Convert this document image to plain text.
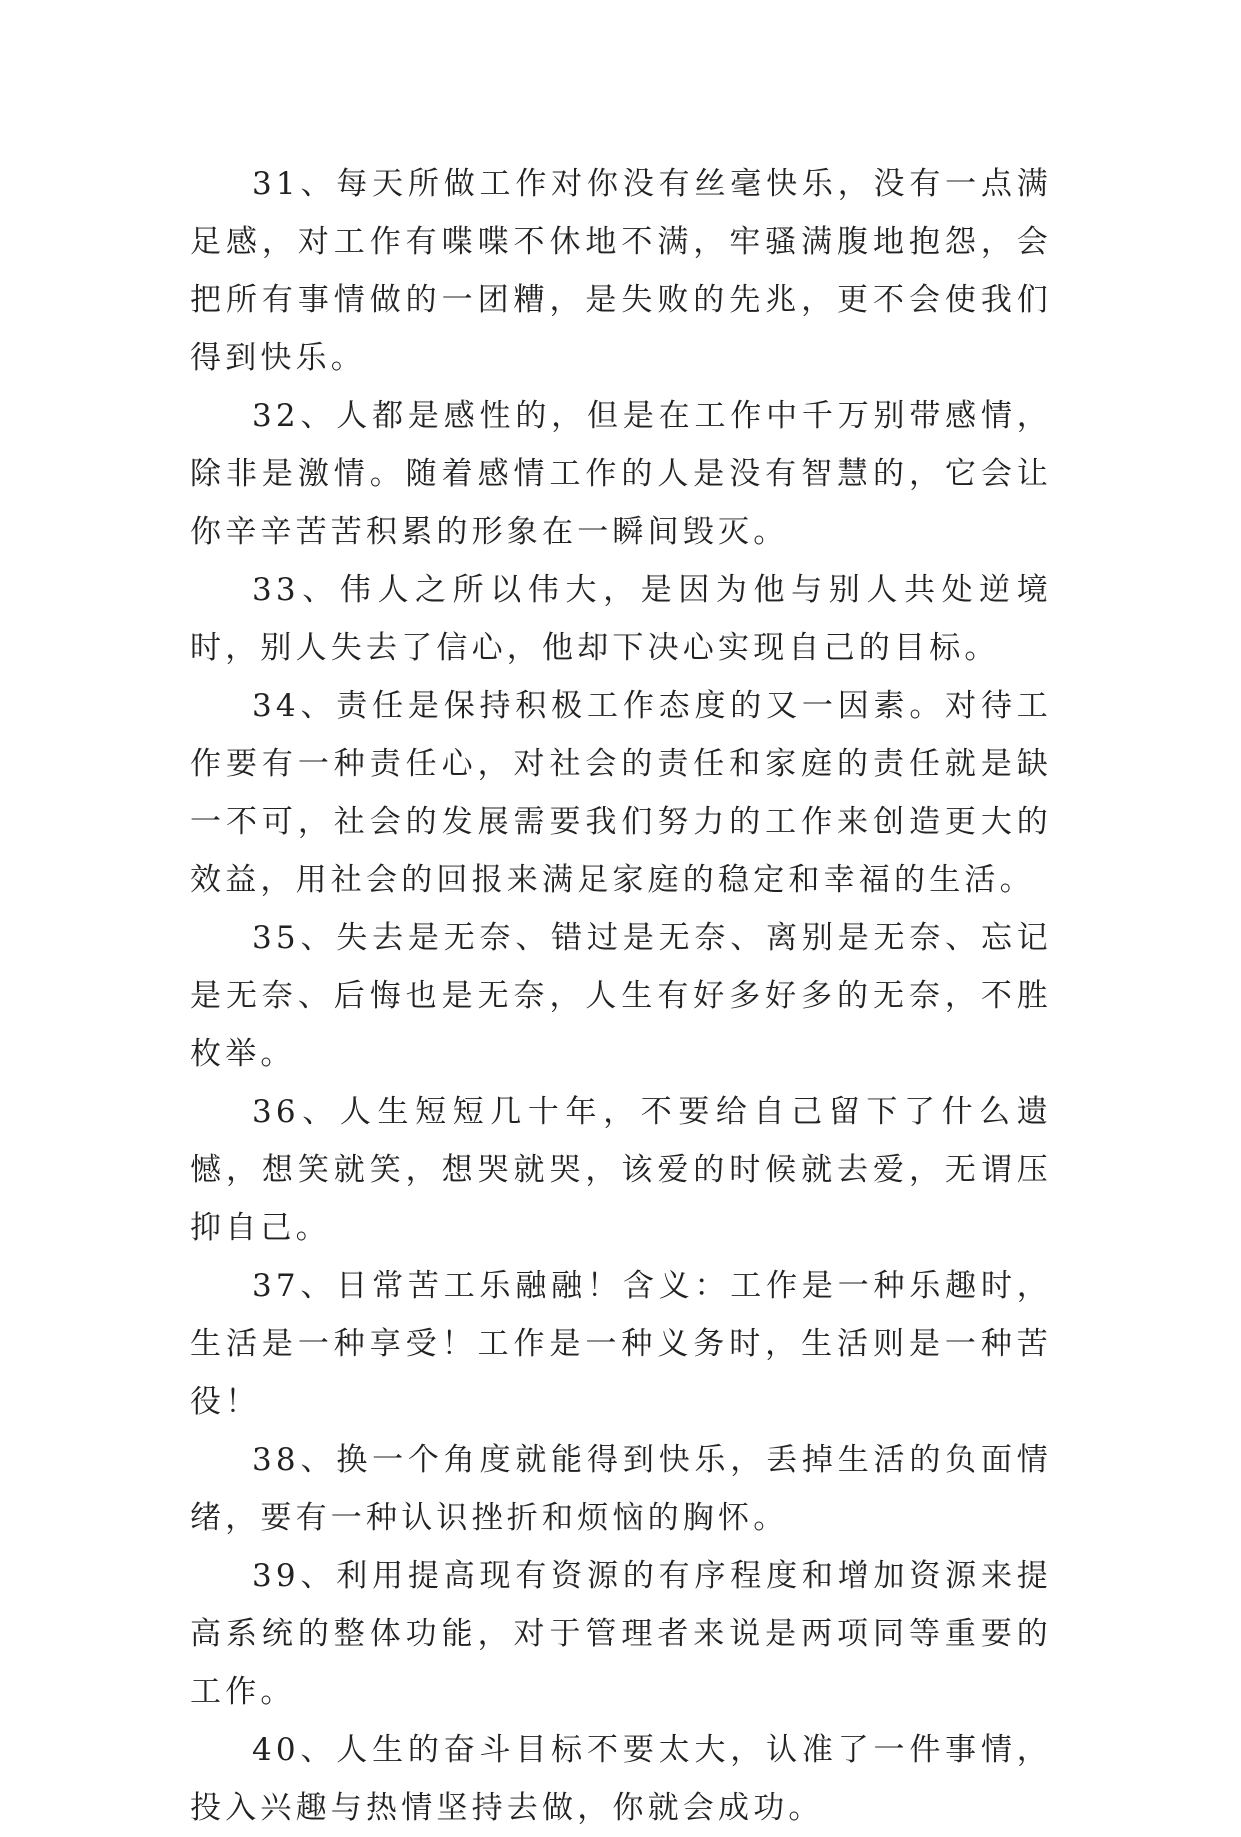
31、每天所做工作对你没有丝毫快乐，没有一点满足感，对工作有喋喋不休地不满，牢骚满腹地抱怨，会把所有事情做的一团糟，是失败的先兆，更不会使我们得到快乐。

32、人都是感性的，但是在工作中千万别带感情，除非是激情。随着感情工作的人是没有智慧的，它会让你辛辛苦苦积累的形象在一瞬间毁灭。

33、伟人之所以伟大，是因为他与别人共处逆境时，别人失去了信心，他却下决心实现自己的目标。

34、责任是保持积极工作态度的又一因素。对待工作要有一种责任心，对社会的责任和家庭的责任就是缺一不可，社会的发展需要我们努力的工作来创造更大的效益，用社会的回报来满足家庭的稳定和幸福的生活。

35、失去是无奈、错过是无奈、离别是无奈、忘记是无奈、后悔也是无奈，人生有好多好多的无奈，不胜枚举。

36、人生短短几十年，不要给自己留下了什么遗憾，想笑就笑，想哭就哭，该爱的时候就去爱，无谓压抑自己。

37、日常苦工乐融融！含义：工作是一种乐趣时，生活是一种享受！工作是一种义务时，生活则是一种苦役！

38、换一个角度就能得到快乐，丢掉生活的负面情绪，要有一种认识挫折和烦恼的胸怀。

39、利用提高现有资源的有序程度和增加资源来提高系统的整体功能，对于管理者来说是两项同等重要的工作。

40、人生的奋斗目标不要太大，认准了一件事情，投入兴趣与热情坚持去做，你就会成功。
